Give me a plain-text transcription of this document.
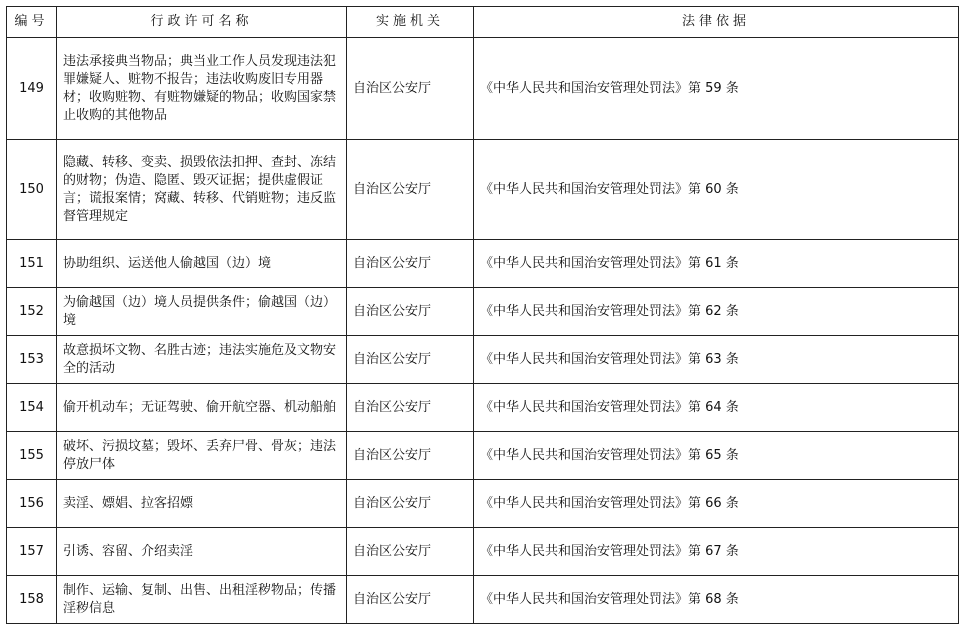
编号	行政许可名称	实施机关	法律依据
149	违法承接典当物品；典当业工作人员发现违法犯罪嫌疑人、赃物不报告；违法收购废旧专用器材；收购赃物、有赃物嫌疑的物品；收购国家禁止收购的其他物品	自治区公安厅	《中华人民共和国治安管理处罚法》第 59 条
150	隐藏、转移、变卖、损毁依法扣押、查封、冻结的财物；伪造、隐匿、毁灭证据；提供虚假证言；谎报案情；窝藏、转移、代销赃物；违反监督管理规定	自治区公安厅	《中华人民共和国治安管理处罚法》第 60 条
151	协助组织、运送他人偷越国（边）境	自治区公安厅	《中华人民共和国治安管理处罚法》第 61 条
152	为偷越国（边）境人员提供条件；偷越国（边）境	自治区公安厅	《中华人民共和国治安管理处罚法》第 62 条
153	故意损坏文物、名胜古迹；违法实施危及文物安全的活动	自治区公安厅	《中华人民共和国治安管理处罚法》第 63 条
154	偷开机动车；无证驾驶、偷开航空器、机动船舶	自治区公安厅	《中华人民共和国治安管理处罚法》第 64 条
155	破坏、污损坟墓；毁坏、丢弃尸骨、骨灰；违法停放尸体	自治区公安厅	《中华人民共和国治安管理处罚法》第 65 条
156	卖淫、嫖娼、拉客招嫖	自治区公安厅	《中华人民共和国治安管理处罚法》第 66 条
157	引诱、容留、介绍卖淫	自治区公安厅	《中华人民共和国治安管理处罚法》第 67 条
158	制作、运输、复制、出售、出租淫秽物品；传播淫秽信息	自治区公安厅	《中华人民共和国治安管理处罚法》第 68 条
